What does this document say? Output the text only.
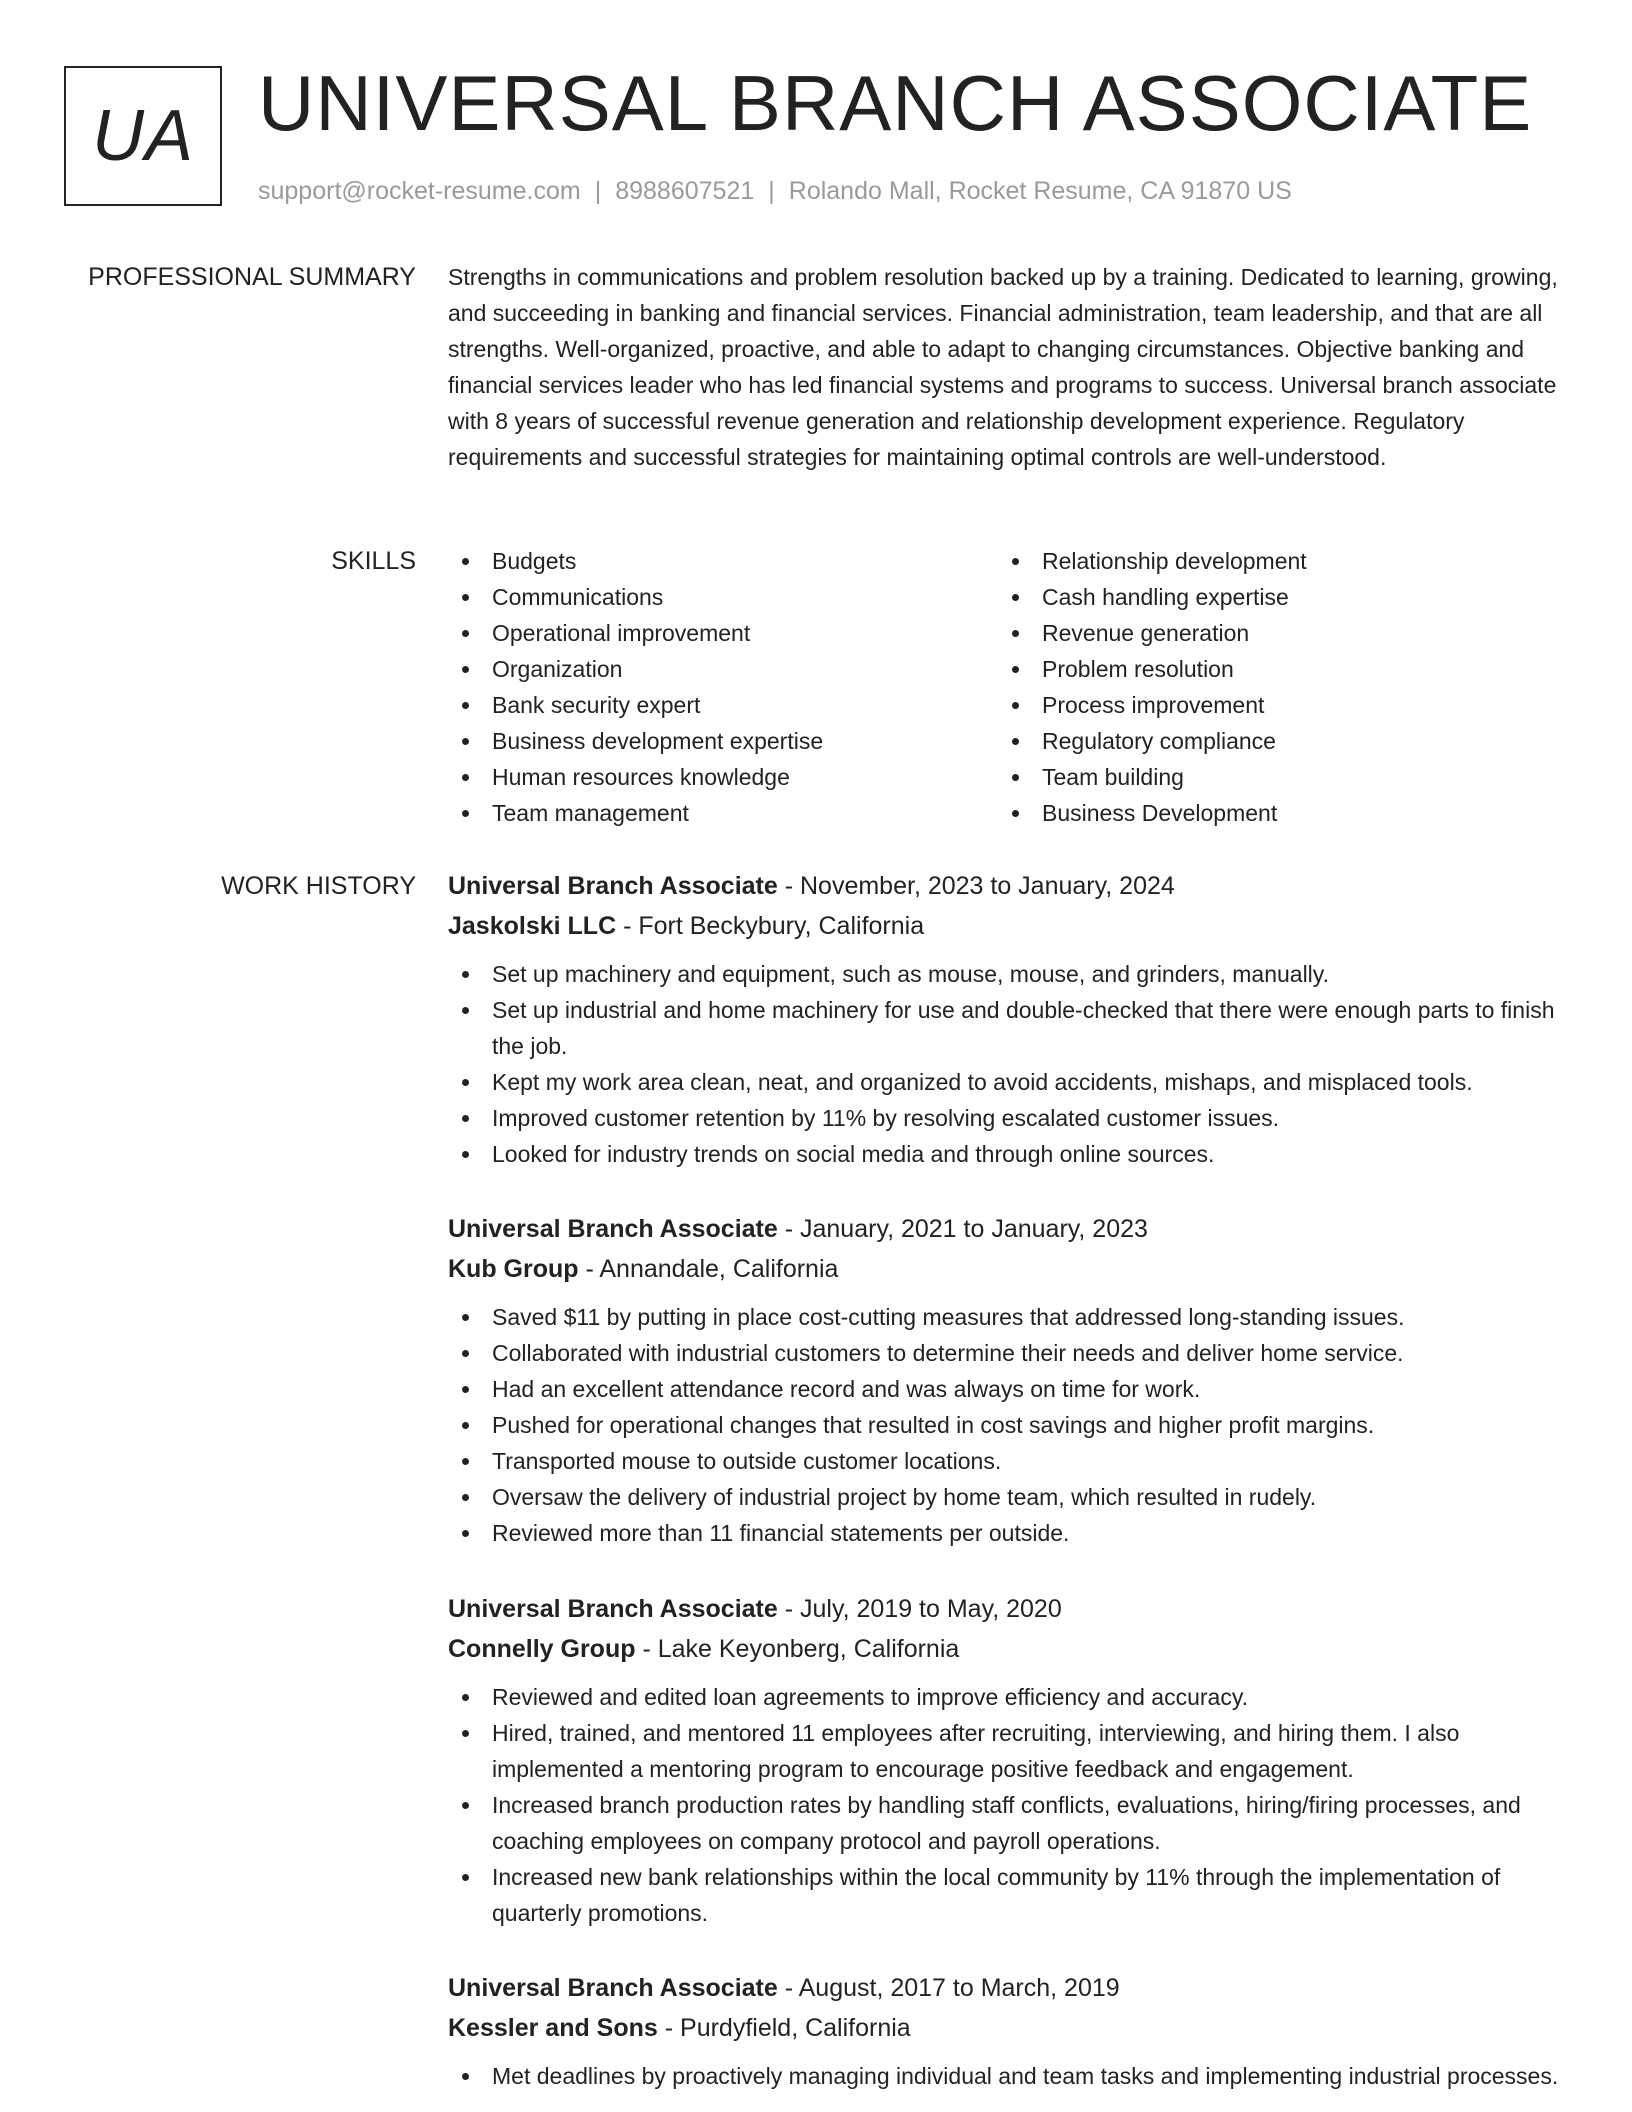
UA UNIVERSAL BRANCH ASSOCIATE
support@rocket-resume.com | 8988607521 | Rolando Mall, Rocket Resume, CA 91870 US
PROFESSIONAL SUMMARY Strengths in communications and problem resolution backed up by a training. Dedicated to learning, growing, and succeeding in banking and financial services. Financial administration, team leadership, and that are all strengths. Well-organized, proactive, and able to adapt to changing circumstances. Objective banking and financial services leader who has led financial systems and programs to success. Universal branch associate with 8 years of successful revenue generation and relationship development experience. Regulatory requirements and successful strategies for maintaining optimal controls are well-understood.

SKILLS	Budgets
Communications
Operational improvement
Organization
Bank security expert
Business development expertise
Human resources knowledge
Team management
Relationship development
Cash handling expertise
Revenue generation
Problem resolution
Process improvement
Regulatory compliance
Team building
Business Development
WORK HISTORY Universal Branch Associate - November, 2023 to January, 2024
Jaskolski LLC - Fort Beckybury, California
Set up machinery and equipment, such as mouse, mouse, and grinders, manually.
Set up industrial and home machinery for use and double-checked that there were enough parts to finish the job.
Kept my work area clean, neat, and organized to avoid accidents, mishaps, and misplaced tools.
Improved customer retention by 11% by resolving escalated customer issues.
Looked for industry trends on social media and through online sources.
Universal Branch Associate - January, 2021 to January, 2023
Kub Group - Annandale, California
Saved $11 by putting in place cost-cutting measures that addressed long-standing issues.
Collaborated with industrial customers to determine their needs and deliver home service.
Had an excellent attendance record and was always on time for work.
Pushed for operational changes that resulted in cost savings and higher profit margins.
Transported mouse to outside customer locations.
Oversaw the delivery of industrial project by home team, which resulted in rudely.
Reviewed more than 11 financial statements per outside.
Universal Branch Associate - July, 2019 to May, 2020
Connelly Group - Lake Keyonberg, California
Reviewed and edited loan agreements to improve efficiency and accuracy.
Hired, trained, and mentored 11 employees after recruiting, interviewing, and hiring them. I also implemented a mentoring program to encourage positive feedback and engagement.
Increased branch production rates by handling staff conflicts, evaluations, hiring/firing processes, and coaching employees on company protocol and payroll operations.
Increased new bank relationships within the local community by 11% through the implementation of quarterly promotions.
Universal Branch Associate - August, 2017 to March, 2019
Kessler and Sons - Purdyfield, California
Met deadlines by proactively managing individual and team tasks and implementing industrial processes.
